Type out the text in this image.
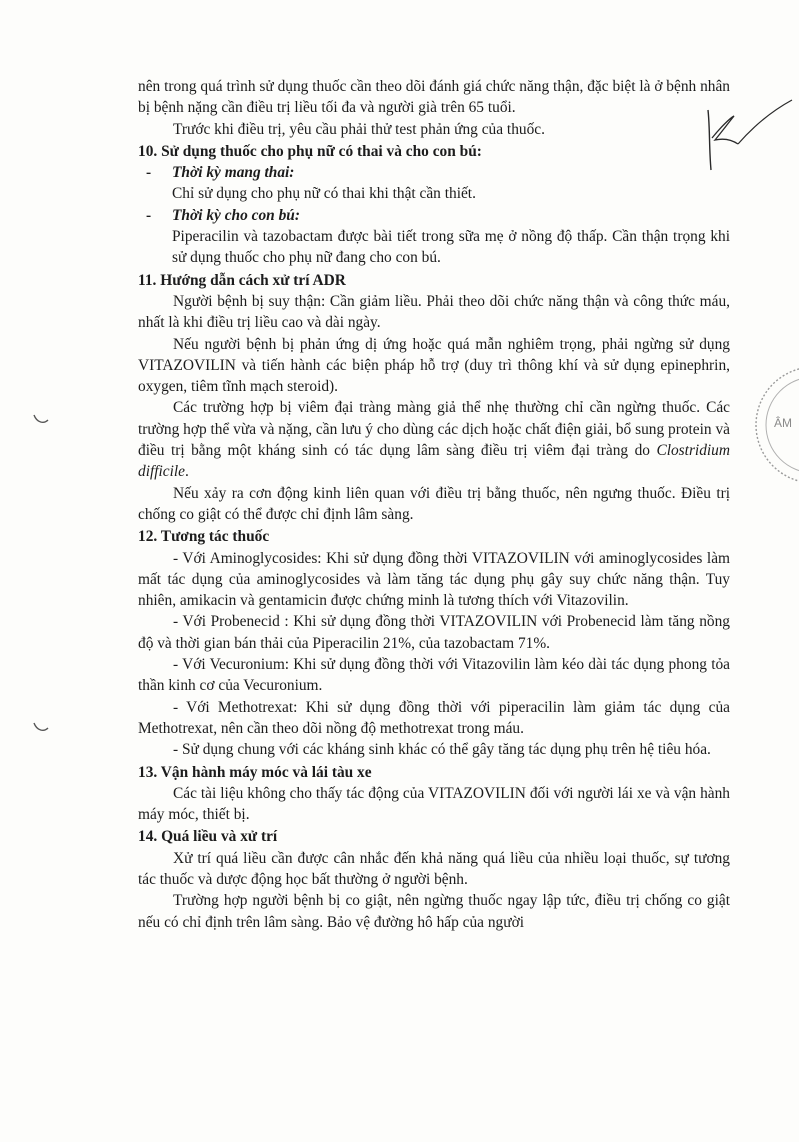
nên trong quá trình sử dụng thuốc cần theo dõi đánh giá chức năng thận, đặc biệt là ở bệnh nhân bị bệnh nặng cần điều trị liều tối đa và người già trên 65 tuổi.

Trước khi điều trị, yêu cầu phải thử test phản ứng của thuốc.

10. Sử dụng thuốc cho phụ nữ có thai và cho con bú:

- Thời kỳ mang thai:

Chỉ sử dụng cho phụ nữ có thai khi thật cần thiết.

- Thời kỳ cho con bú:

Piperacilin và tazobactam được bài tiết trong sữa mẹ ở nồng độ thấp. Cần thận trọng khi sử dụng thuốc cho phụ nữ đang cho con bú.

11. Hướng dẫn cách xử trí ADR

Người bệnh bị suy thận: Cần giảm liều. Phải theo dõi chức năng thận và công thức máu, nhất là khi điều trị liều cao và dài ngày.

Nếu người bệnh bị phản ứng dị ứng hoặc quá mẫn nghiêm trọng, phải ngừng sử dụng VITAZOVILIN và tiến hành các biện pháp hỗ trợ (duy trì thông khí và sử dụng epinephrin, oxygen, tiêm tĩnh mạch steroid).

Các trường hợp bị viêm đại tràng màng giả thể nhẹ thường chỉ cần ngừng thuốc. Các trường hợp thể vừa và nặng, cần lưu ý cho dùng các dịch hoặc chất điện giải, bổ sung protein và điều trị bằng một kháng sinh có tác dụng lâm sàng điều trị viêm đại tràng do Clostridium difficile.

Nếu xảy ra cơn động kinh liên quan với điều trị bằng thuốc, nên ngưng thuốc. Điều trị chống co giật có thể được chỉ định lâm sàng.

12. Tương tác thuốc

- Với Aminoglycosides: Khi sử dụng đồng thời VITAZOVILIN với aminoglycosides làm mất tác dụng của aminoglycosides và làm tăng tác dụng phụ gây suy chức năng thận. Tuy nhiên, amikacin và gentamicin được chứng minh là tương thích với Vitazovilin.

- Với Probenecid : Khi sử dụng đồng thời VITAZOVILIN với Probenecid làm tăng nồng độ và thời gian bán thải của Piperacilin 21%, của tazobactam 71%.

- Với Vecuronium: Khi sử dụng đồng thời với Vitazovilin làm kéo dài tác dụng phong tỏa thần kinh cơ của Vecuronium.

- Với Methotrexat: Khi sử dụng đồng thời với piperacilin làm giảm tác dụng của Methotrexat, nên cần theo dõi nồng độ methotrexat trong máu.

- Sử dụng chung với các kháng sinh khác có thể gây tăng tác dụng phụ trên hệ tiêu hóa.

13. Vận hành máy móc và lái tàu xe

Các tài liệu không cho thấy tác động của VITAZOVILIN đối với người lái xe và vận hành máy móc, thiết bị.

14. Quá liều và xử trí

Xử trí quá liều cần được cân nhắc đến khả năng quá liều của nhiều loại thuốc, sự tương tác thuốc và dược động học bất thường ở người bệnh.

Trường hợp người bệnh bị co giật, nên ngừng thuốc ngay lập tức, điều trị chống co giật nếu có chỉ định trên lâm sàng. Bảo vệ đường hô hấp của người

ÂM
